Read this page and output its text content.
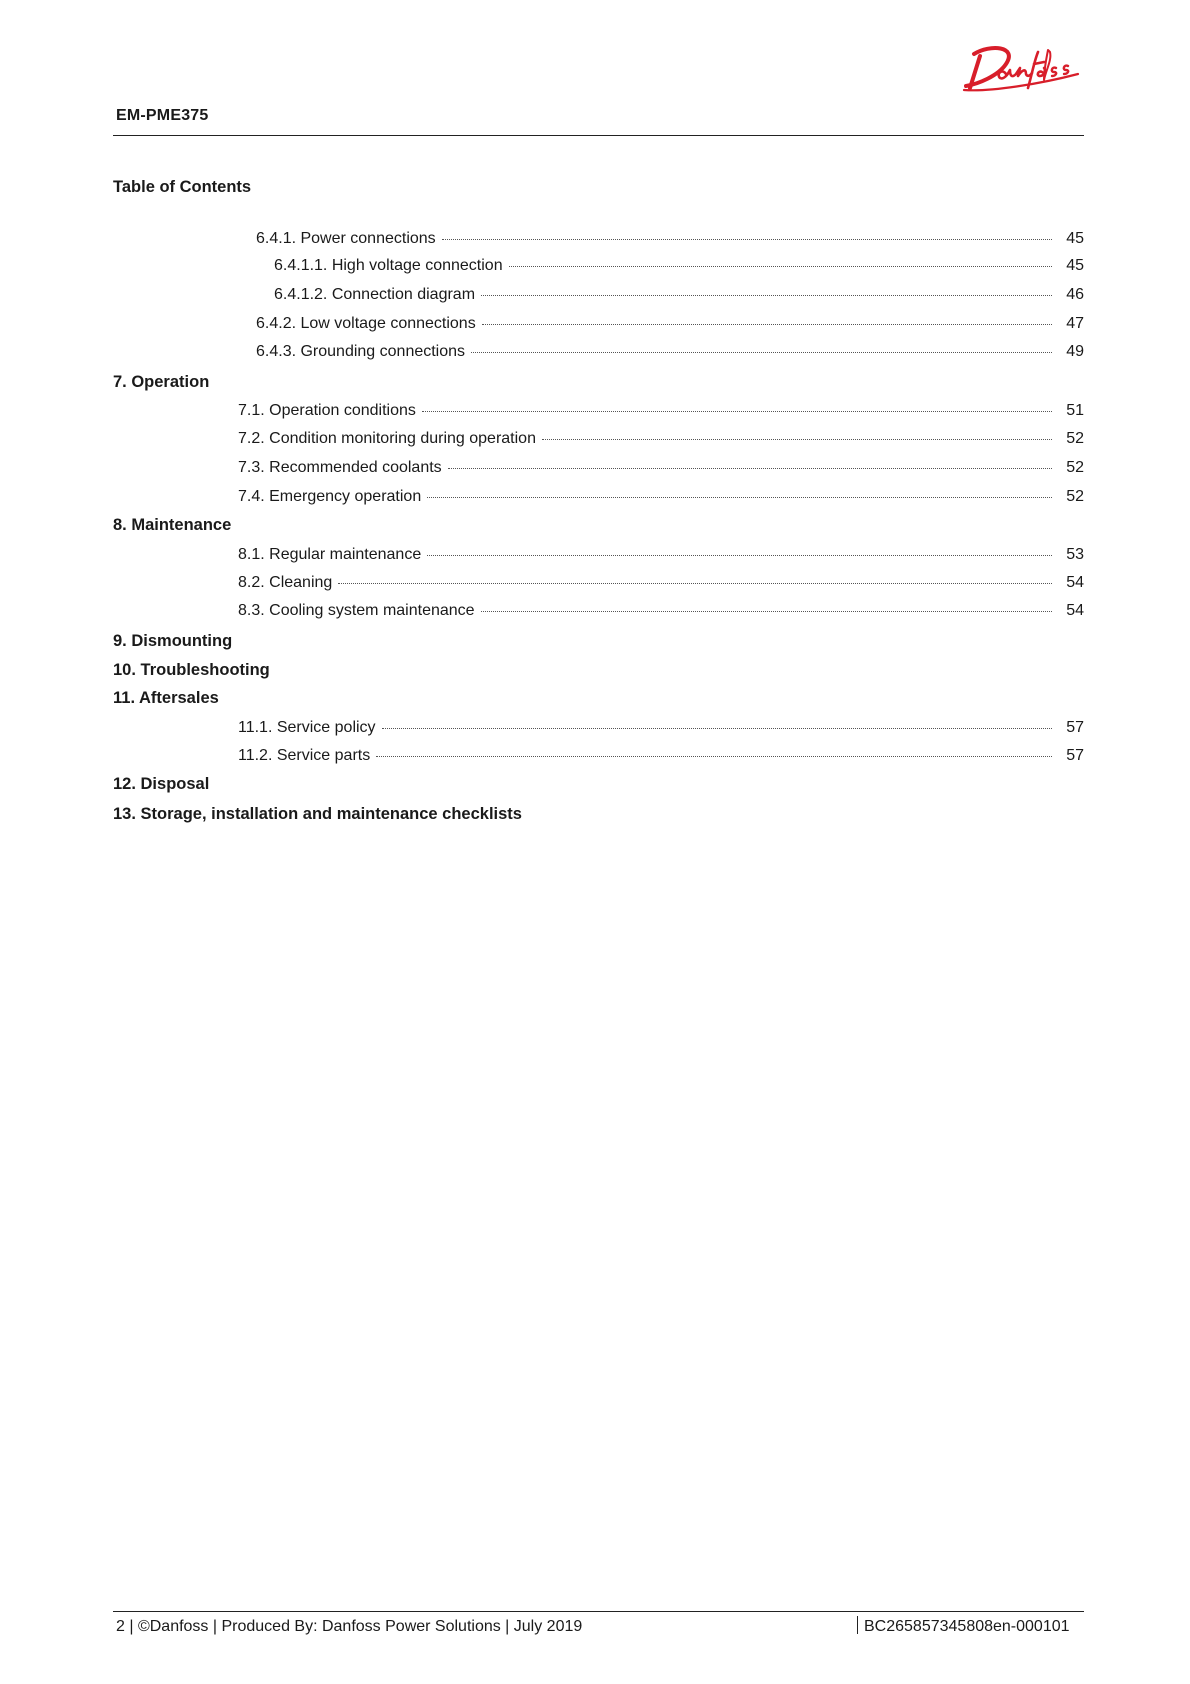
Danfoss
EM-PME375
Table of Contents
6.4.1. Power connections	45
6.4.1.1. High voltage connection	45
6.4.1.2. Connection diagram	46
6.4.2. Low voltage connections	47
6.4.3. Grounding connections	49
7. Operation
7.1. Operation conditions	51
7.2. Condition monitoring during operation	52
7.3. Recommended coolants	52
7.4. Emergency operation	52
8. Maintenance
8.1. Regular maintenance	53
8.2. Cleaning	54
8.3. Cooling system maintenance	54
9. Dismounting
10. Troubleshooting
11. Aftersales
11.1. Service policy	57
11.2. Service parts	57
12. Disposal
13. Storage, installation and maintenance checklists
2 | ©Danfoss | Produced By: Danfoss Power Solutions | July 2019	BC265857345808en-000101
